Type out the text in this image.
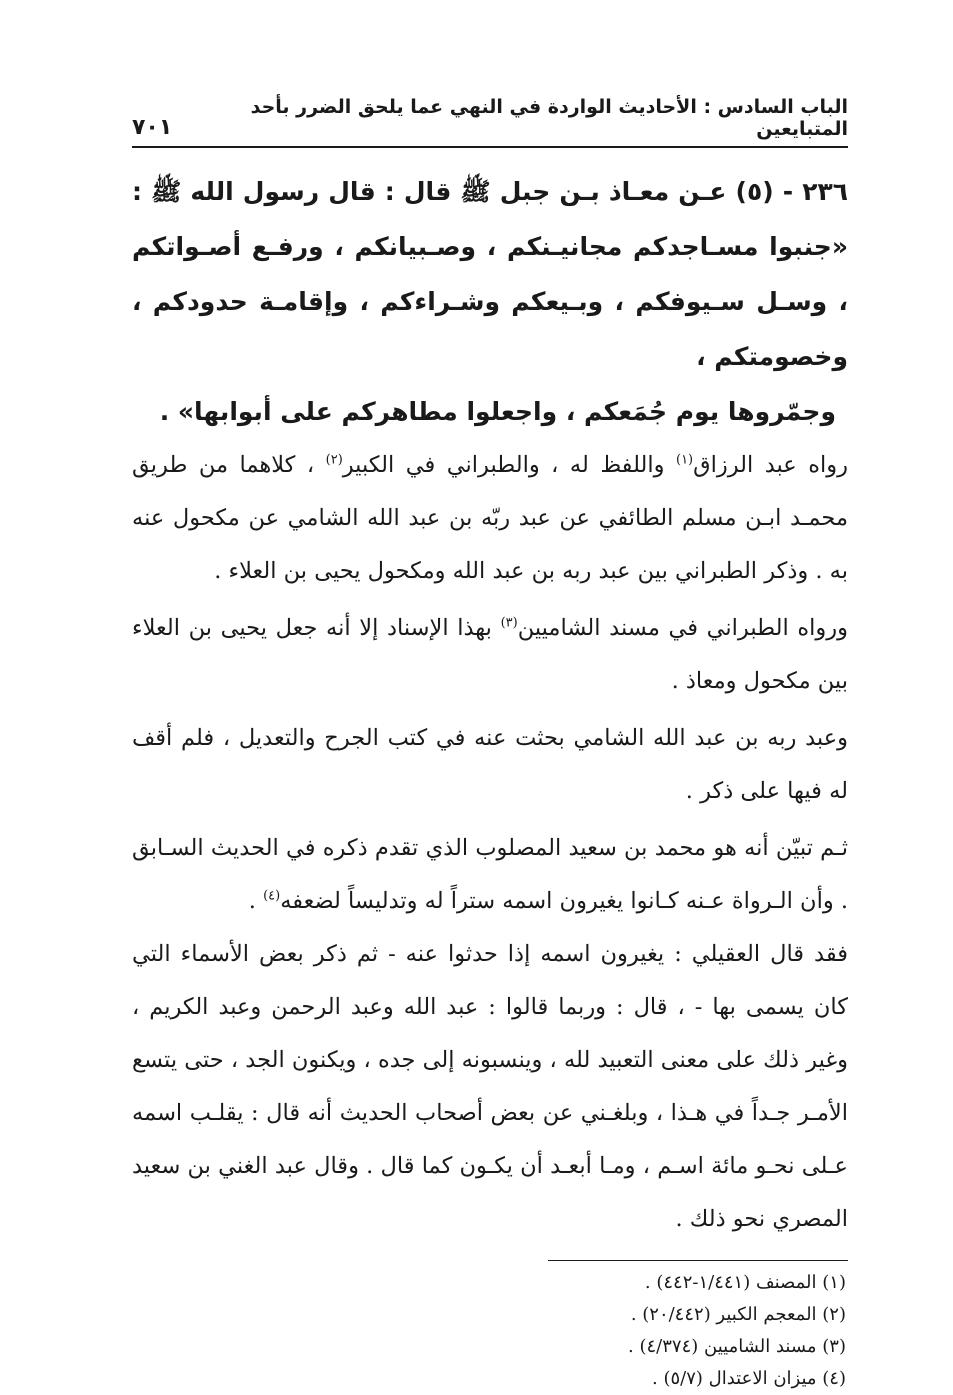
الباب السادس : الأحاديث الواردة في النهي عما يلحق الضرر بأحد المتبايعين
٧٠١
٢٣٦ - (٥) عـن معـاذ بـن جبل ﷺ قال : قال رسول الله ﷺ : «جنبوا مسـاجدكم مجانيـنكم ، وصـبيانكم ، ورفـع أصـواتكم ، وسـل سـيوفكم ، وبـيعكم وشـراءكم ، وإقامـة حدودكم ، وخصومتكم ،
وجمّروها يوم جُمَعكم ، واجعلوا مطاهركم على أبوابها» .

رواه عبد الرزاق$^{(١)}$ واللفظ له ، والطبراني في الكبير$^{(٢)}$ ، كلاهما من طريق محمـد ابـن مسلم الطائفي عن عبد ربّه بن عبد الله الشامي عن مكحول عنه به . وذكر الطبراني بين عبد ربه بن عبد الله ومكحول يحيى بن العلاء .

ورواه الطبراني في مسند الشاميين$^{(٣)}$ بهذا الإسناد إلا أنه جعل يحيى بن العلاء بين مكحول ومعاذ .

وعبد ربه بن عبد الله الشامي بحثت عنه في كتب الجرح والتعديل ، فلم أقف له فيها على ذكر .

ثـم تبيّن أنه هو محمد بن سعيد المصلوب الذي تقدم ذكره في الحديث السـابق . وأن الـرواة عـنه كـانوا يغيرون اسمه ستراً له وتدليساً لضعفه$^{(٤)}$ .

فقد قال العقيلي : يغيرون اسمه إذا حدثوا عنه - ثم ذكر بعض الأسماء التي كان يسمى بها - ، قال : وربما قالوا : عبد الله وعبد الرحمن وعبد الكريم ، وغير ذلك على معنى التعبيد لله ، وينسبونه إلى جده ، ويكنون الجد ، حتى يتسع الأمـر جـداً في هـذا ، وبلغـني عن بعض أصحاب الحديث أنه قال : يقلـب اسمه عـلى نحـو مائة اسـم ، ومـا أبعـد أن يكـون كما قال . وقال عبد الغني بن سعيد المصري نحو ذلك .

(١) المصنف (١/٤٤١-٤٤٢) .
(٢) المعجم الكبير (٢٠/٤٤٢) .
(٣) مسند الشاميين (٤/٣٧٤) .
(٤) ميزان الاعتدال (٥/٧) .
